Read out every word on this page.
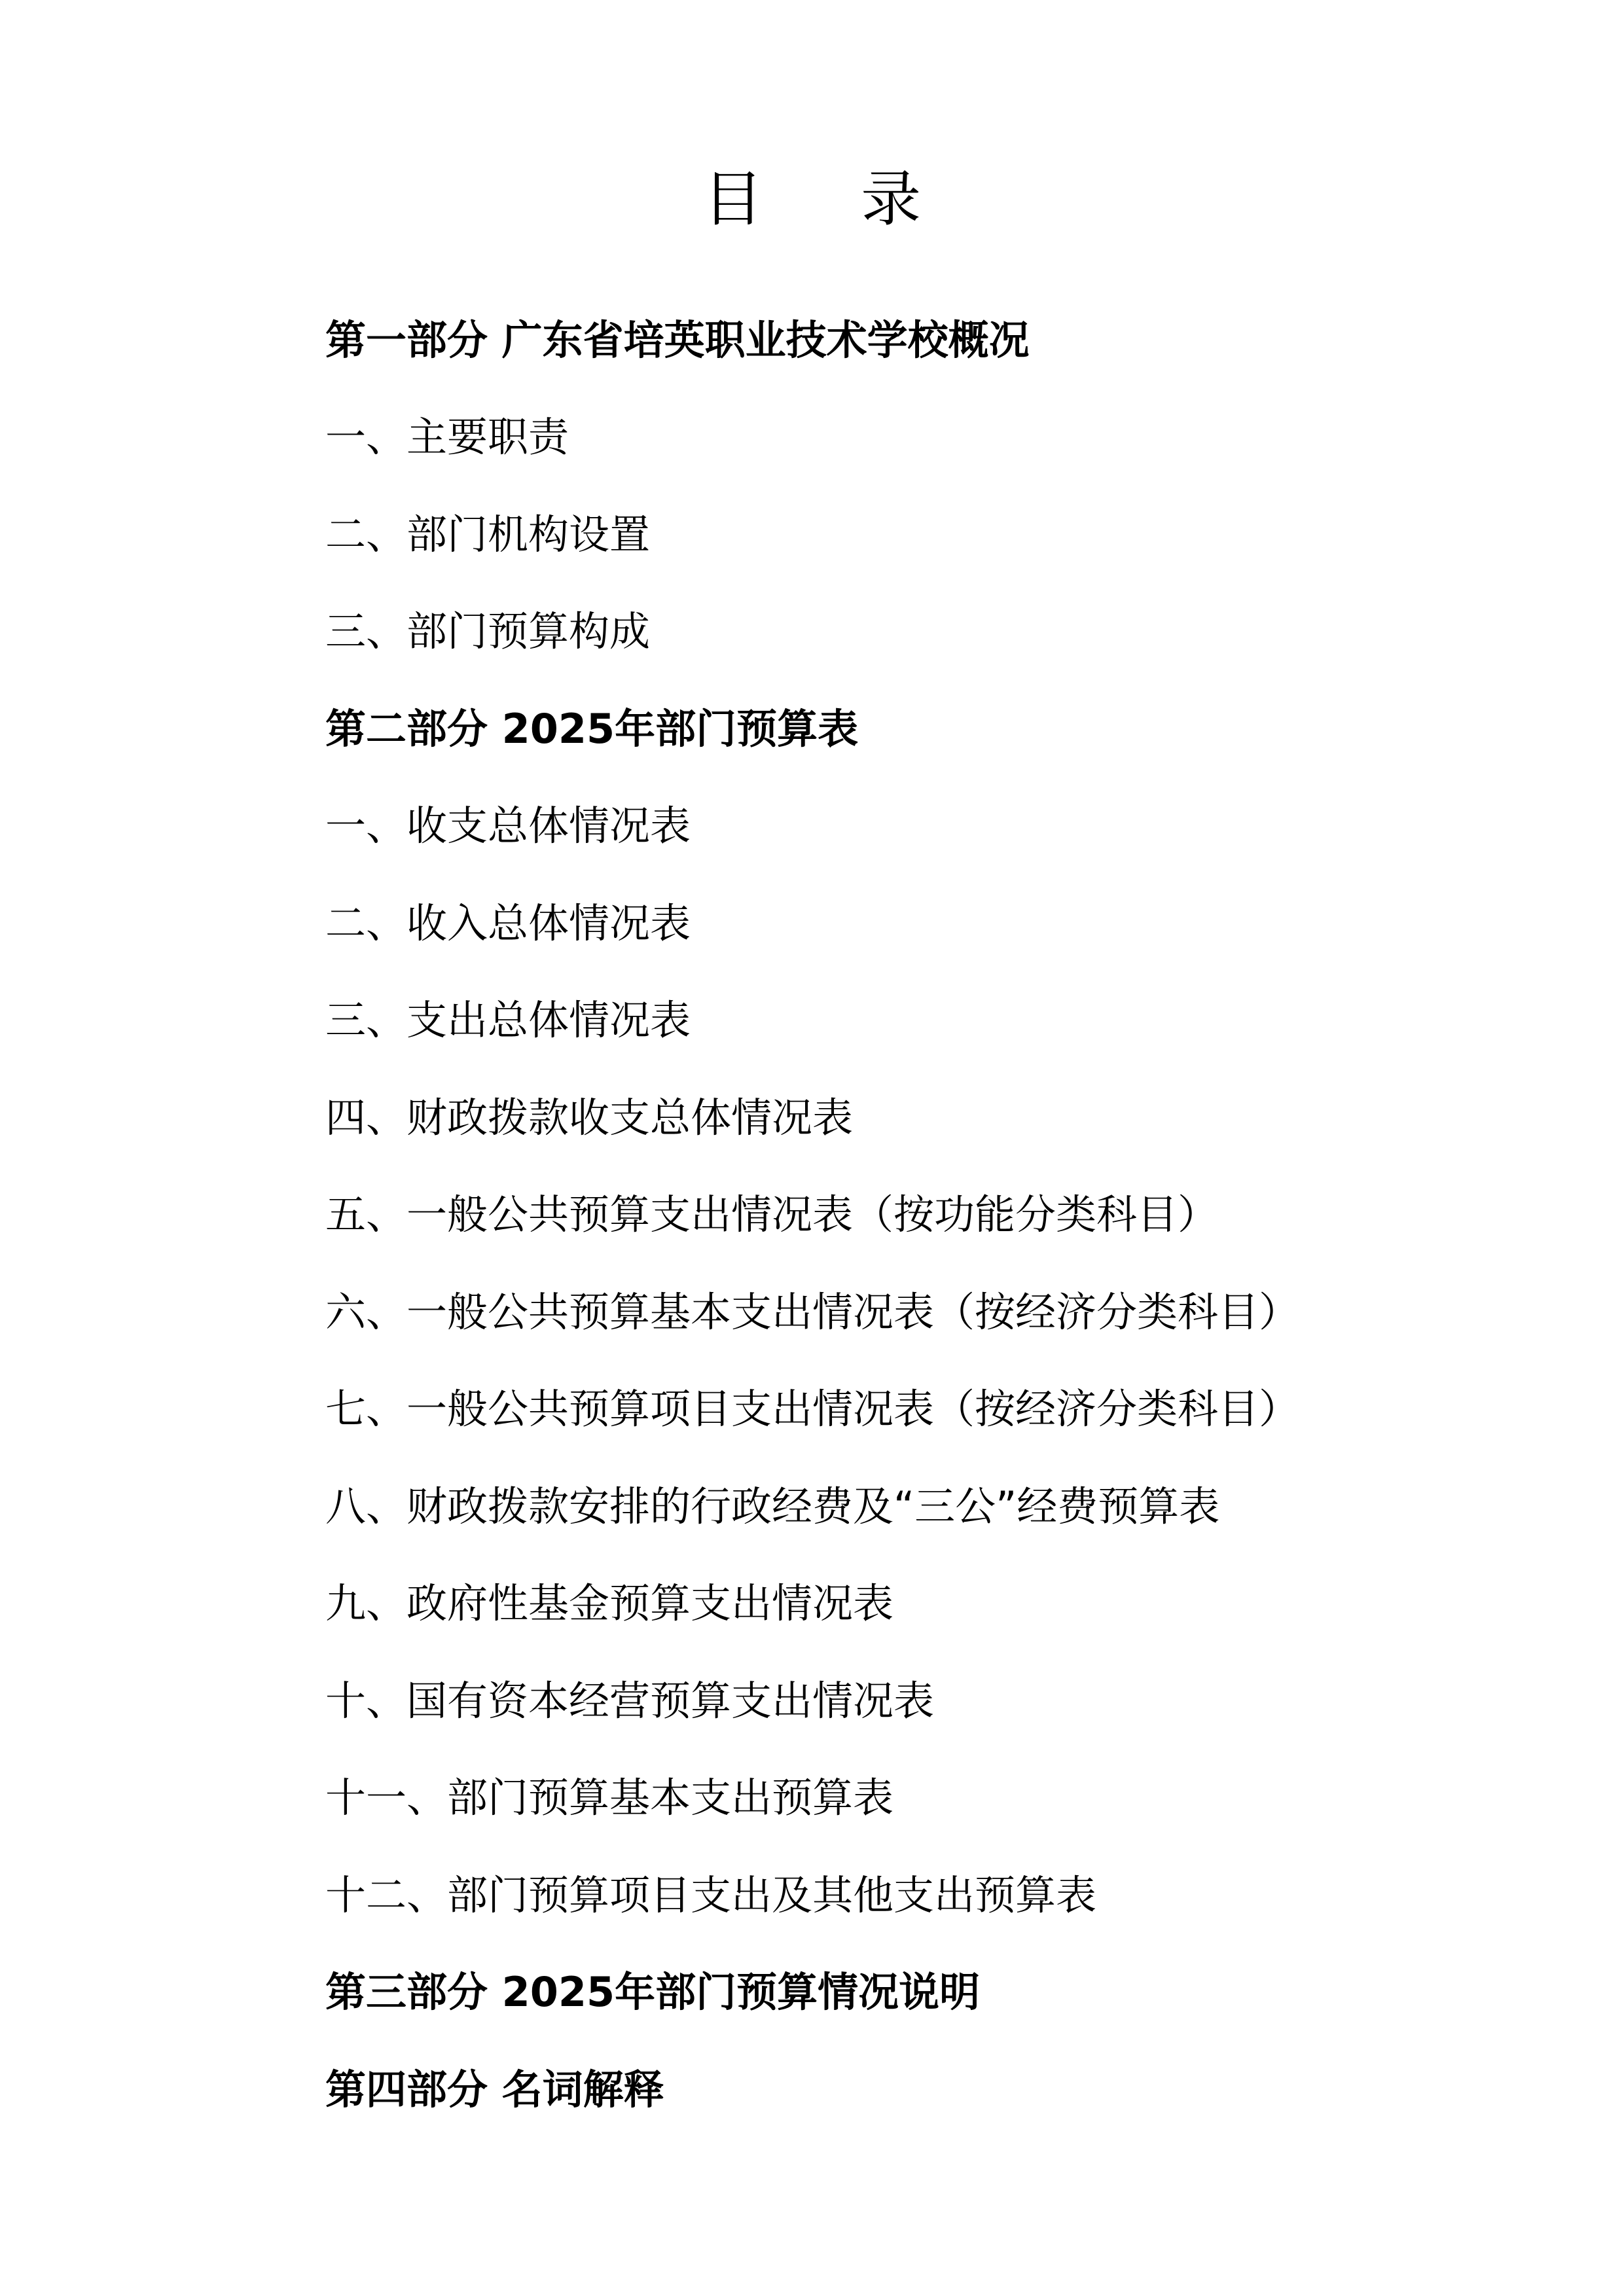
目 录
第一部分 广东省培英职业技术学校概况
一、主要职责
二、部门机构设置
三、部门预算构成
第二部分 2025年部门预算表
一、收支总体情况表
二、收入总体情况表
三、支出总体情况表
四、财政拨款收支总体情况表
五、一般公共预算支出情况表（按功能分类科目）
六、一般公共预算基本支出情况表（按经济分类科目）
七、一般公共预算项目支出情况表（按经济分类科目）
八、财政拨款安排的行政经费及“三公”经费预算表
九、政府性基金预算支出情况表
十、国有资本经营预算支出情况表
十一、部门预算基本支出预算表
十二、部门预算项目支出及其他支出预算表
第三部分 2025年部门预算情况说明
第四部分 名词解释
